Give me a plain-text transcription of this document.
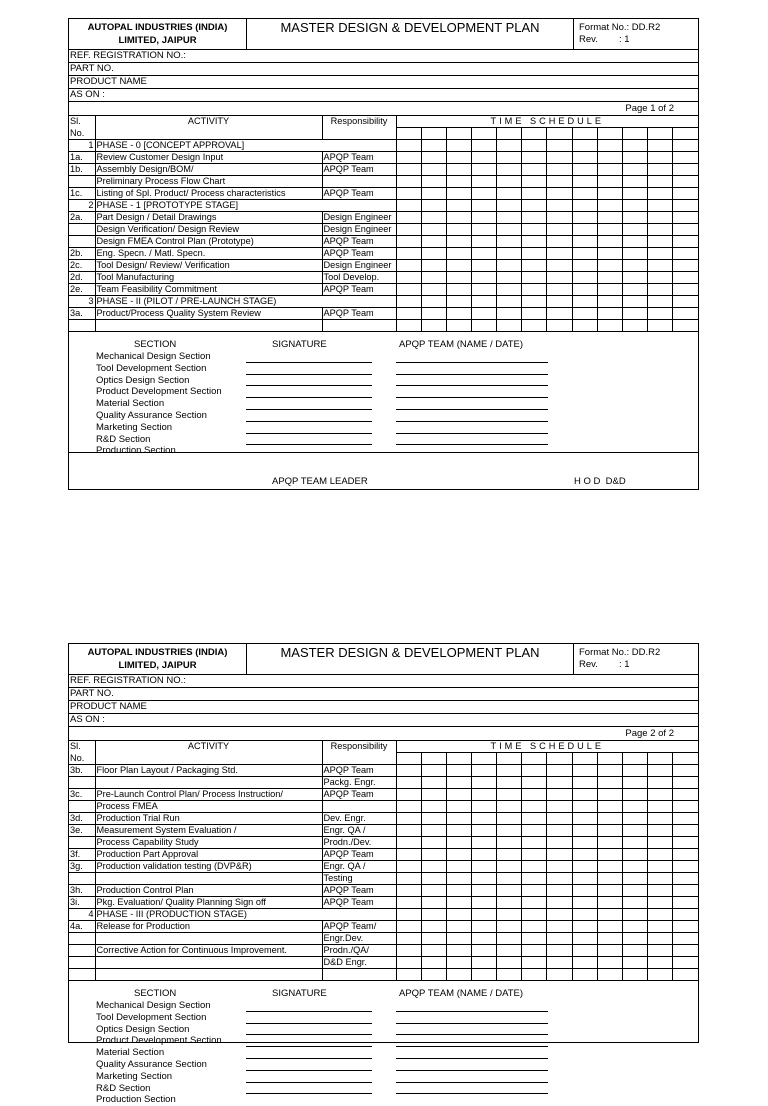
AUTOPAL INDUSTRIES (INDIA)
LIMITED, JAIPUR
MASTER DESIGN & DEVELOPMENT PLAN	Format No.: DD.R2
Rev.        : 1
REF. REGISTRATION NO.:
PART NO.
PRODUCT NAME
AS ON :
Page 1 of 2
Sl.	ACTIVITY	Responsibility	TIME SCHEDULE											
No.														
1	PHASE - 0 [CONCEPT APPROVAL]													
1a.	Review Customer Design Input	APQP Team												
1b.	Assembly Design/BOM/	APQP Team												
	Preliminary Process Flow Chart													
1c.	Listing of Spl. Product/ Process characteristics	APQP Team												
2	PHASE - 1 [PROTOTYPE STAGE]													
2a.	Part Design / Detail Drawings	Design Engineer												
	Design Verification/ Design Review	Design Engineer												
	Design FMEA Control Plan (Prototype)	APQP Team												
2b.	Eng. Specn. / Matl. Specn.	APQP Team												
2c.	Tool Design/ Review/ Verification	Design Engineer												
2d.	Tool Manufacturing	Tool Develop.												
2e.	Team Feasibility Commitment	APQP Team												
3	PHASE - II (PILOT / PRE-LAUNCH STAGE)													
3a.	Product/Process Quality System Review	APQP Team												

SECTION	SIGNATURE	APQP TEAM (NAME / DATE)
Mechanical Design Section
Tool Development Section
Optics Design Section
Product Development Section
Material Section
Quality Assurance Section
Marketing Section
R&D Section
Production Section
APQP TEAM LEADER	H O D  D&D
AUTOPAL INDUSTRIES (INDIA)
LIMITED, JAIPUR
MASTER DESIGN & DEVELOPMENT PLAN	Format No.: DD.R2
Rev.        : 1
REF. REGISTRATION NO.:
PART NO.
PRODUCT NAME
AS ON :
Page 2 of 2
Sl.	ACTIVITY	Responsibility	TIME SCHEDULE											
No.														
3b.	Floor Plan Layout / Packaging Std.	APQP Team												
		Packg. Engr.												
3c.	Pre-Launch Control Plan/ Process Instruction/	APQP Team												
	Process FMEA													
3d.	Production Trial Run	Dev. Engr.												
3e.	Measurement System Evaluation /	Engr. QA /												
	Process Capability Study	Prodn./Dev.												
3f.	Production Part Approval	APQP Team												
3g.	Production validation testing (DVP&R)	Engr. QA /												
		Testing												
3h.	Production Control Plan	APQP Team												
3i.	Pkg. Evaluation/ Quality Planning Sign off	APQP Team												
4	PHASE - III (PRODUCTION STAGE)													
4a.	Release for Production	APQP Team/												
		Engr.Dev.												
	Corrective Action for Continuous Improvement.	Prodn./QA/												
		D&D Engr.												

SECTION	SIGNATURE	APQP TEAM (NAME / DATE)
Mechanical Design Section
Tool Development Section
Optics Design Section
Product Development Section
Material Section
Quality Assurance Section
Marketing Section
R&D Section
Production Section
